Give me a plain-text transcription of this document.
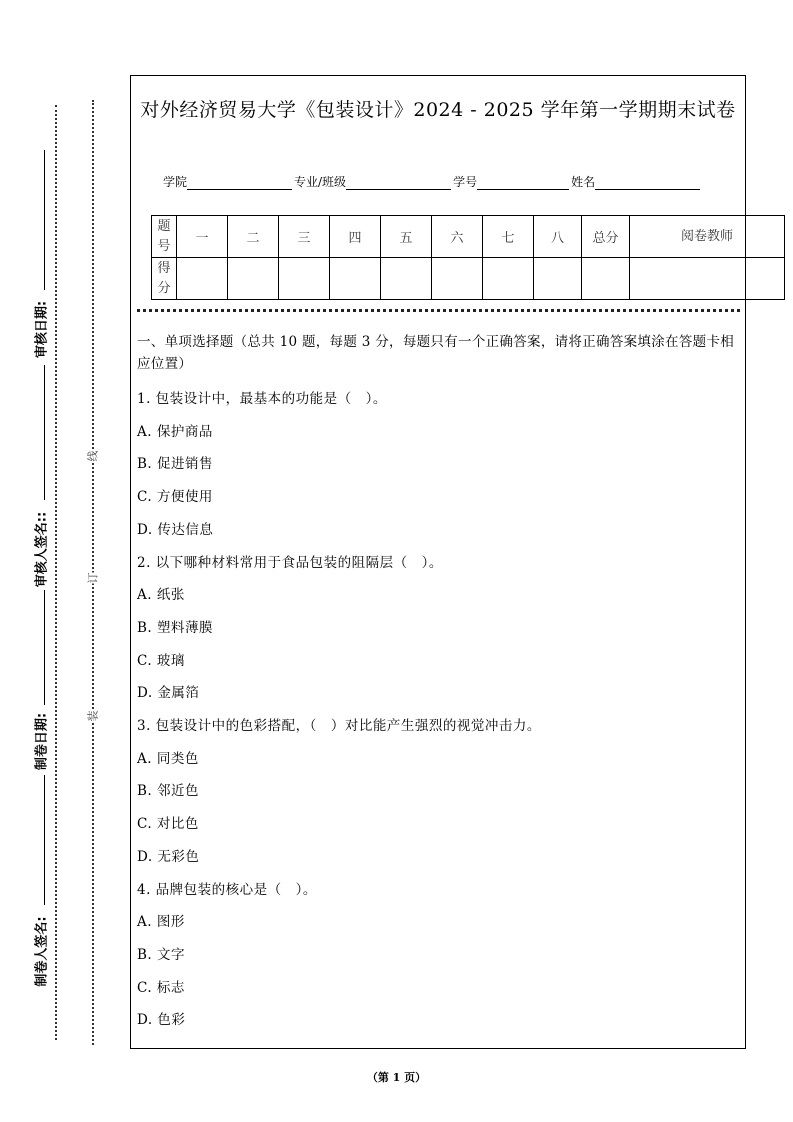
审核日期:
审核人签名::
制卷日期:
制卷人签名:
线
订
装
对外经济贸易大学《包装设计》2024 - 2025 学年第一学期期末试卷
学院	专业/班级	学号	姓名
题号	一	二	三	四	五	六	七	八	总分	阅卷教师
得分										
一、单项选择题（总共 10 题，每题 3 分，每题只有一个正确答案，请将正确答案填涂在答题卡相应位置）
1. 包装设计中，最基本的功能是（　）。
A. 保护商品
B. 促进销售
C. 方便使用
D. 传达信息
2. 以下哪种材料常用于食品包装的阻隔层（　）。
A. 纸张
B. 塑料薄膜
C. 玻璃
D. 金属箔
3. 包装设计中的色彩搭配，（　）对比能产生强烈的视觉冲击力。
A. 同类色
B. 邻近色
C. 对比色
D. 无彩色
4. 品牌包装的核心是（　）。
A. 图形
B. 文字
C. 标志
D. 色彩
（第 1 页）
